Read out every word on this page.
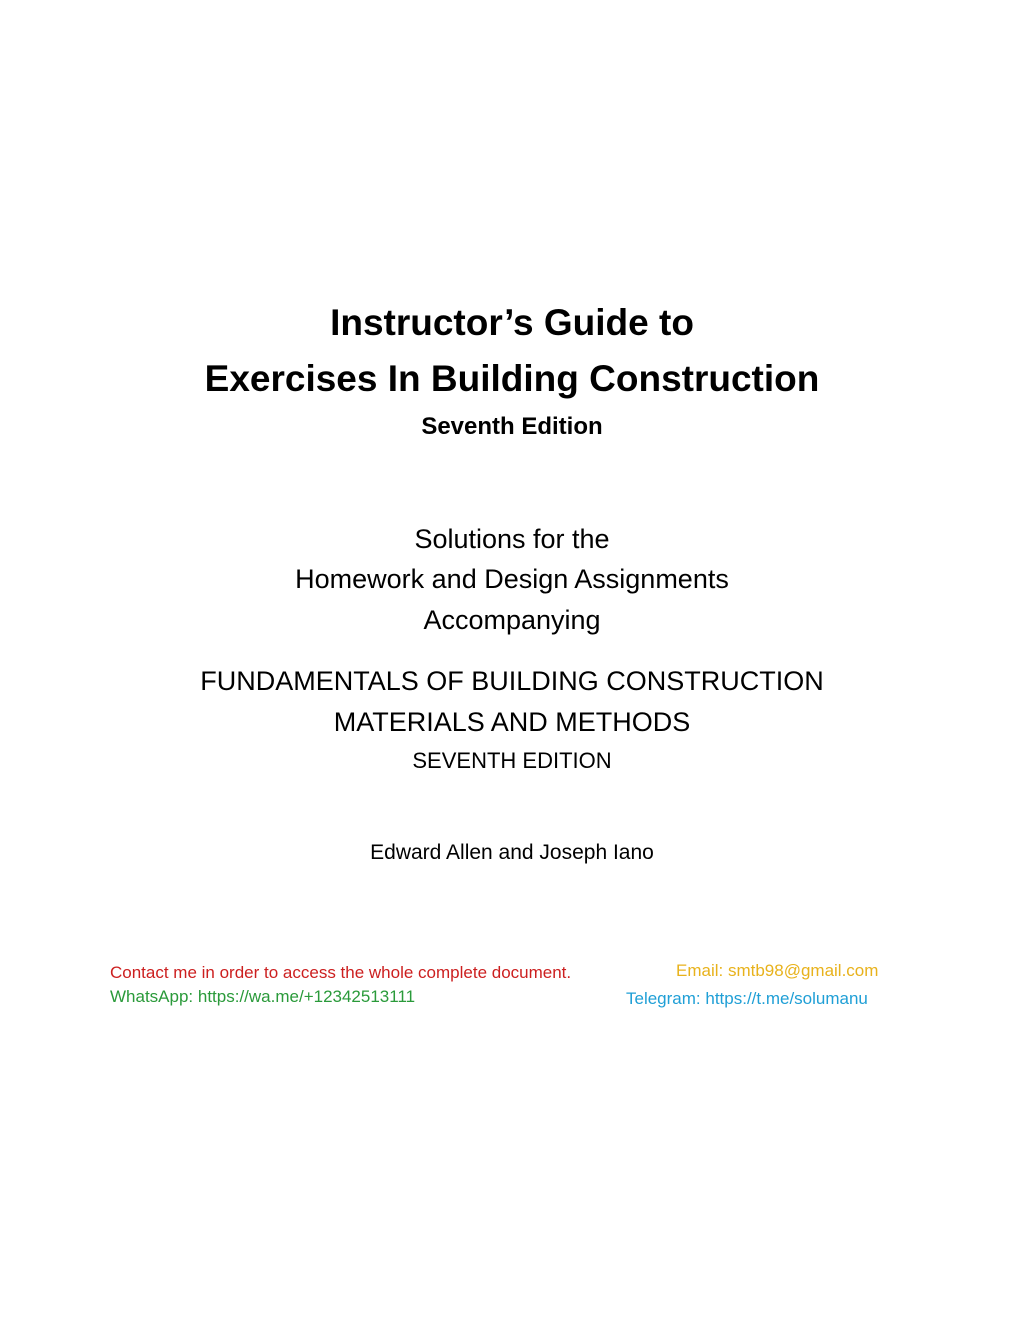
Instructor’s Guide to
Exercises In Building Construction
Seventh Edition
Solutions for the
Homework and Design Assignments
Accompanying
FUNDAMENTALS OF BUILDING CONSTRUCTION
MATERIALS AND METHODS
SEVENTH EDITION
Edward Allen and Joseph Iano
Contact me in order to access the whole complete document.
WhatsApp: https://wa.me/+12342513111
Email: smtb98@gmail.com
Telegram: https://t.me/solumanu
